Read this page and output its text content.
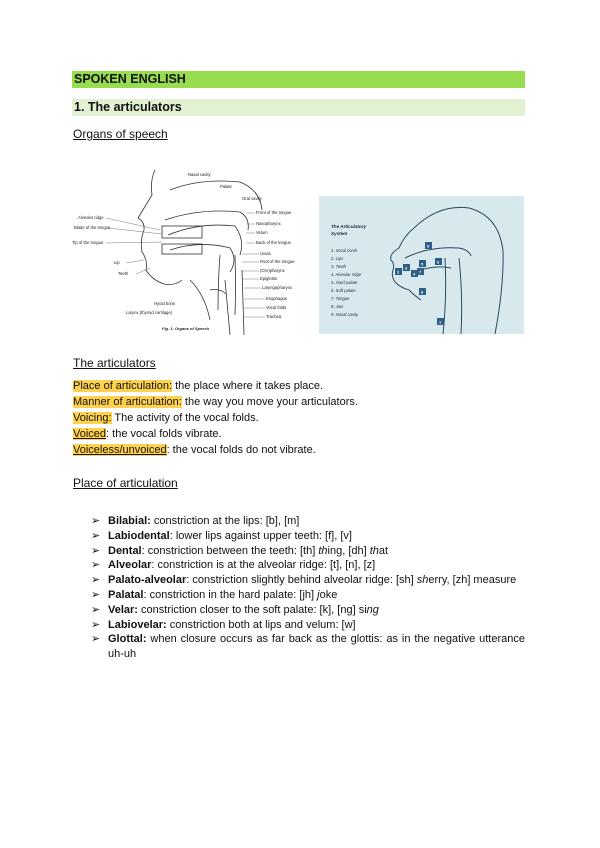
SPOKEN ENGLISH
1. The articulators
Organs of speech
Nasal cavity
Palate
Oral cavity
Alveolar ridge
Blade of the tongue
Tip of the tongue
Lip
Teeth
Hyoid bone
Larynx (thyroid cartilage)
Front of the tongue
Nasopharynx
Velum
Back of the tongue
Uvula
Root of the tongue
(Oro)pharynx
Epiglottis
Laryngopharynx
Esophagus
Vocal folds
Trachea
Fig. 1: Organs of Speech
The Articulatory
System
1. Vocal cords
2. Lips
3. Teeth
4. Alveolar ridge
5. Hard palate
6. Soft palate
7. Tongue
8. Jaw
9. Nasal cavity
9
2
3
4
5	6
7
1
8
The articulators
Place of articulation: the place where it takes place.
Manner of articulation: the way you move your articulators.
Voicing: The activity of the vocal folds.
Voiced: the vocal folds vibrate.
Voiceless/unvoiced: the vocal folds do not vibrate.
Place of articulation
➢ Bilabial: constriction at the lips: [b], [m]
➢ Labiodental: lower lips against upper teeth: [f], [v]
➢ Dental: constriction between the teeth: [th] thing, [dh] that
➢ Alveolar: constriction is at the alveolar ridge: [t], [n], [z]
➢ Palato-alveolar: constriction slightly behind alveolar ridge: [sh] sherry, [zh] measure
➢ Palatal: constriction in the hard palate: [jh] joke
➢ Velar: constriction closer to the soft palate: [k], [ng] sing
➢ Labiovelar: constriction both at lips and velum: [w]
➢ Glottal: when closure occurs as far back as the glottis: as in the negative utterance uh-uh
